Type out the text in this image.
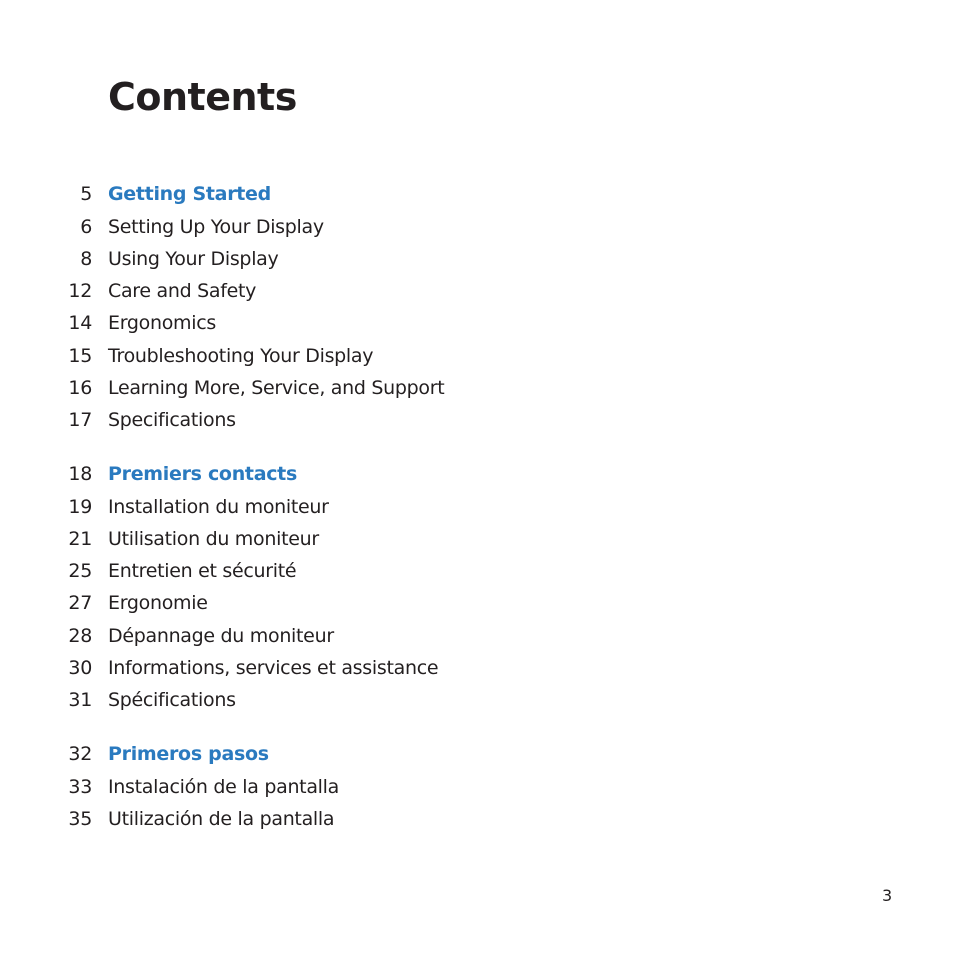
Contents
5 Getting Started
6 Setting Up Your Display
8 Using Your Display
12 Care and Safety
14 Ergonomics
15 Troubleshooting Your Display
16 Learning More, Service, and Support
17 Specifications
18 Premiers contacts
19 Installation du moniteur
21 Utilisation du moniteur
25 Entretien et sécurité
27 Ergonomie
28 Dépannage du moniteur
30 Informations, services et assistance
31 Spécifications
32 Primeros pasos
33 Instalación de la pantalla
35 Utilización de la pantalla
3
